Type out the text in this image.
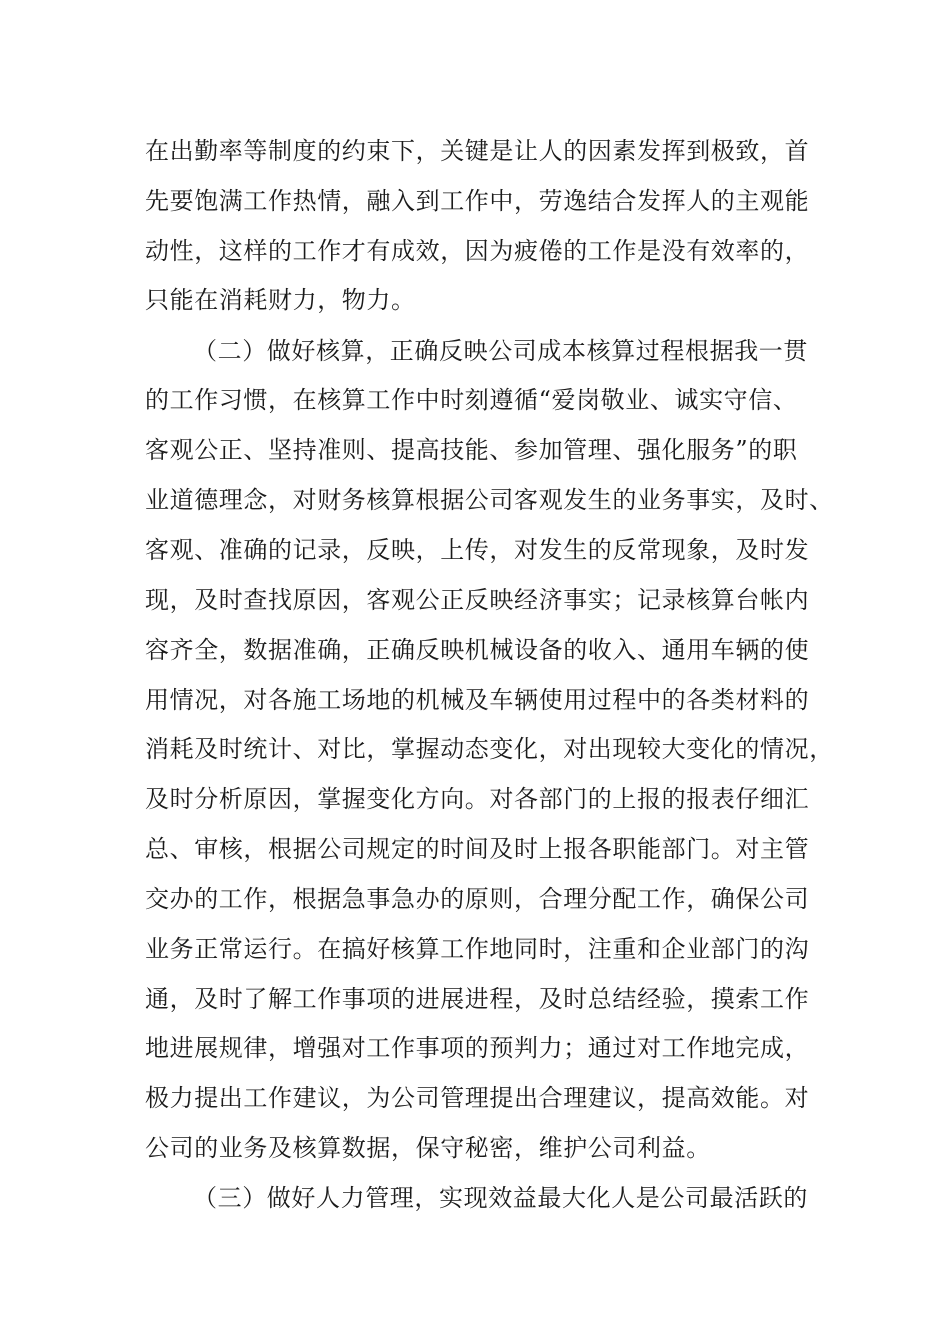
在出勤率等制度的约束下，关键是让人的因素发挥到极致，首
先要饱满工作热情，融入到工作中，劳逸结合发挥人的主观能
动性，这样的工作才有成效，因为疲倦的工作是没有效率的，
只能在消耗财力，物力。
（二）做好核算，正确反映公司成本核算过程根据我一贯
的工作习惯，在核算工作中时刻遵循“爱岗敬业、诚实守信、
客观公正、坚持准则、提高技能、参加管理、强化服务”的职
业道德理念，对财务核算根据公司客观发生的业务事实，及时、
客观、准确的记录，反映，上传，对发生的反常现象，及时发
现，及时查找原因，客观公正反映经济事实；记录核算台帐内
容齐全，数据准确，正确反映机械设备的收入、通用车辆的使
用情况，对各施工场地的机械及车辆使用过程中的各类材料的
消耗及时统计、对比，掌握动态变化，对出现较大变化的情况，
及时分析原因，掌握变化方向。对各部门的上报的报表仔细汇
总、审核，根据公司规定的时间及时上报各职能部门。对主管
交办的工作，根据急事急办的原则，合理分配工作，确保公司
业务正常运行。在搞好核算工作地同时，注重和企业部门的沟
通，及时了解工作事项的进展进程，及时总结经验，摸索工作
地进展规律，增强对工作事项的预判力；通过对工作地完成，
极力提出工作建议，为公司管理提出合理建议，提高效能。对
公司的业务及核算数据，保守秘密，维护公司利益。
（三）做好人力管理，实现效益最大化人是公司最活跃的
